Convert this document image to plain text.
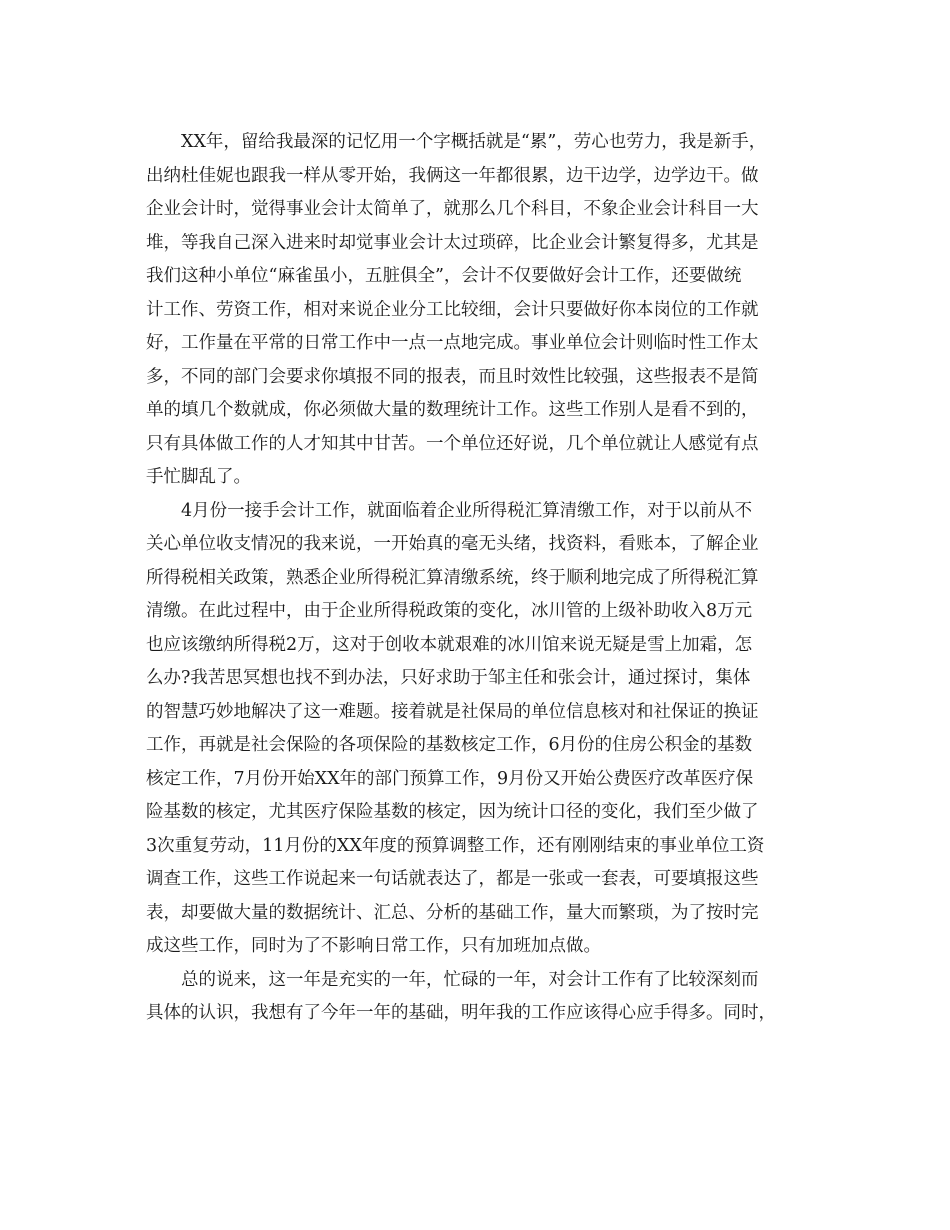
XX年，留给我最深的记忆用一个字概括就是“累”，劳心也劳力，我是新手，
出纳杜佳妮也跟我一样从零开始，我俩这一年都很累，边干边学，边学边干。做
企业会计时，觉得事业会计太简单了，就那么几个科目，不象企业会计科目一大
堆，等我自己深入进来时却觉事业会计太过琐碎，比企业会计繁复得多，尤其是
我们这种小单位“麻雀虽小，五脏俱全”，会计不仅要做好会计工作，还要做统
计工作、劳资工作，相对来说企业分工比较细，会计只要做好你本岗位的工作就
好，工作量在平常的日常工作中一点一点地完成。事业单位会计则临时性工作太
多，不同的部门会要求你填报不同的报表，而且时效性比较强，这些报表不是简
单的填几个数就成，你必须做大量的数理统计工作。这些工作别人是看不到的，
只有具体做工作的人才知其中甘苦。一个单位还好说，几个单位就让人感觉有点
手忙脚乱了。

4月份一接手会计工作，就面临着企业所得税汇算清缴工作，对于以前从不
关心单位收支情况的我来说，一开始真的毫无头绪，找资料，看账本，了解企业
所得税相关政策，熟悉企业所得税汇算清缴系统，终于顺利地完成了所得税汇算
清缴。在此过程中，由于企业所得税政策的变化，冰川管的上级补助收入8万元
也应该缴纳所得税2万，这对于创收本就艰难的冰川馆来说无疑是雪上加霜，怎
么办?我苦思冥想也找不到办法，只好求助于邹主任和张会计，通过探讨，集体
的智慧巧妙地解决了这一难题。接着就是社保局的单位信息核对和社保证的换证
工作，再就是社会保险的各项保险的基数核定工作，6月份的住房公积金的基数
核定工作，7月份开始XX年的部门预算工作，9月份又开始公费医疗改革医疗保
险基数的核定，尤其医疗保险基数的核定，因为统计口径的变化，我们至少做了
3次重复劳动，11月份的XX年度的预算调整工作，还有刚刚结束的事业单位工资
调查工作，这些工作说起来一句话就表达了，都是一张或一套表，可要填报这些
表，却要做大量的数据统计、汇总、分析的基础工作，量大而繁琐，为了按时完
成这些工作，同时为了不影响日常工作，只有加班加点做。

总的说来，这一年是充实的一年，忙碌的一年，对会计工作有了比较深刻而
具体的认识，我想有了今年一年的基础，明年我的工作应该得心应手得多。同时，
